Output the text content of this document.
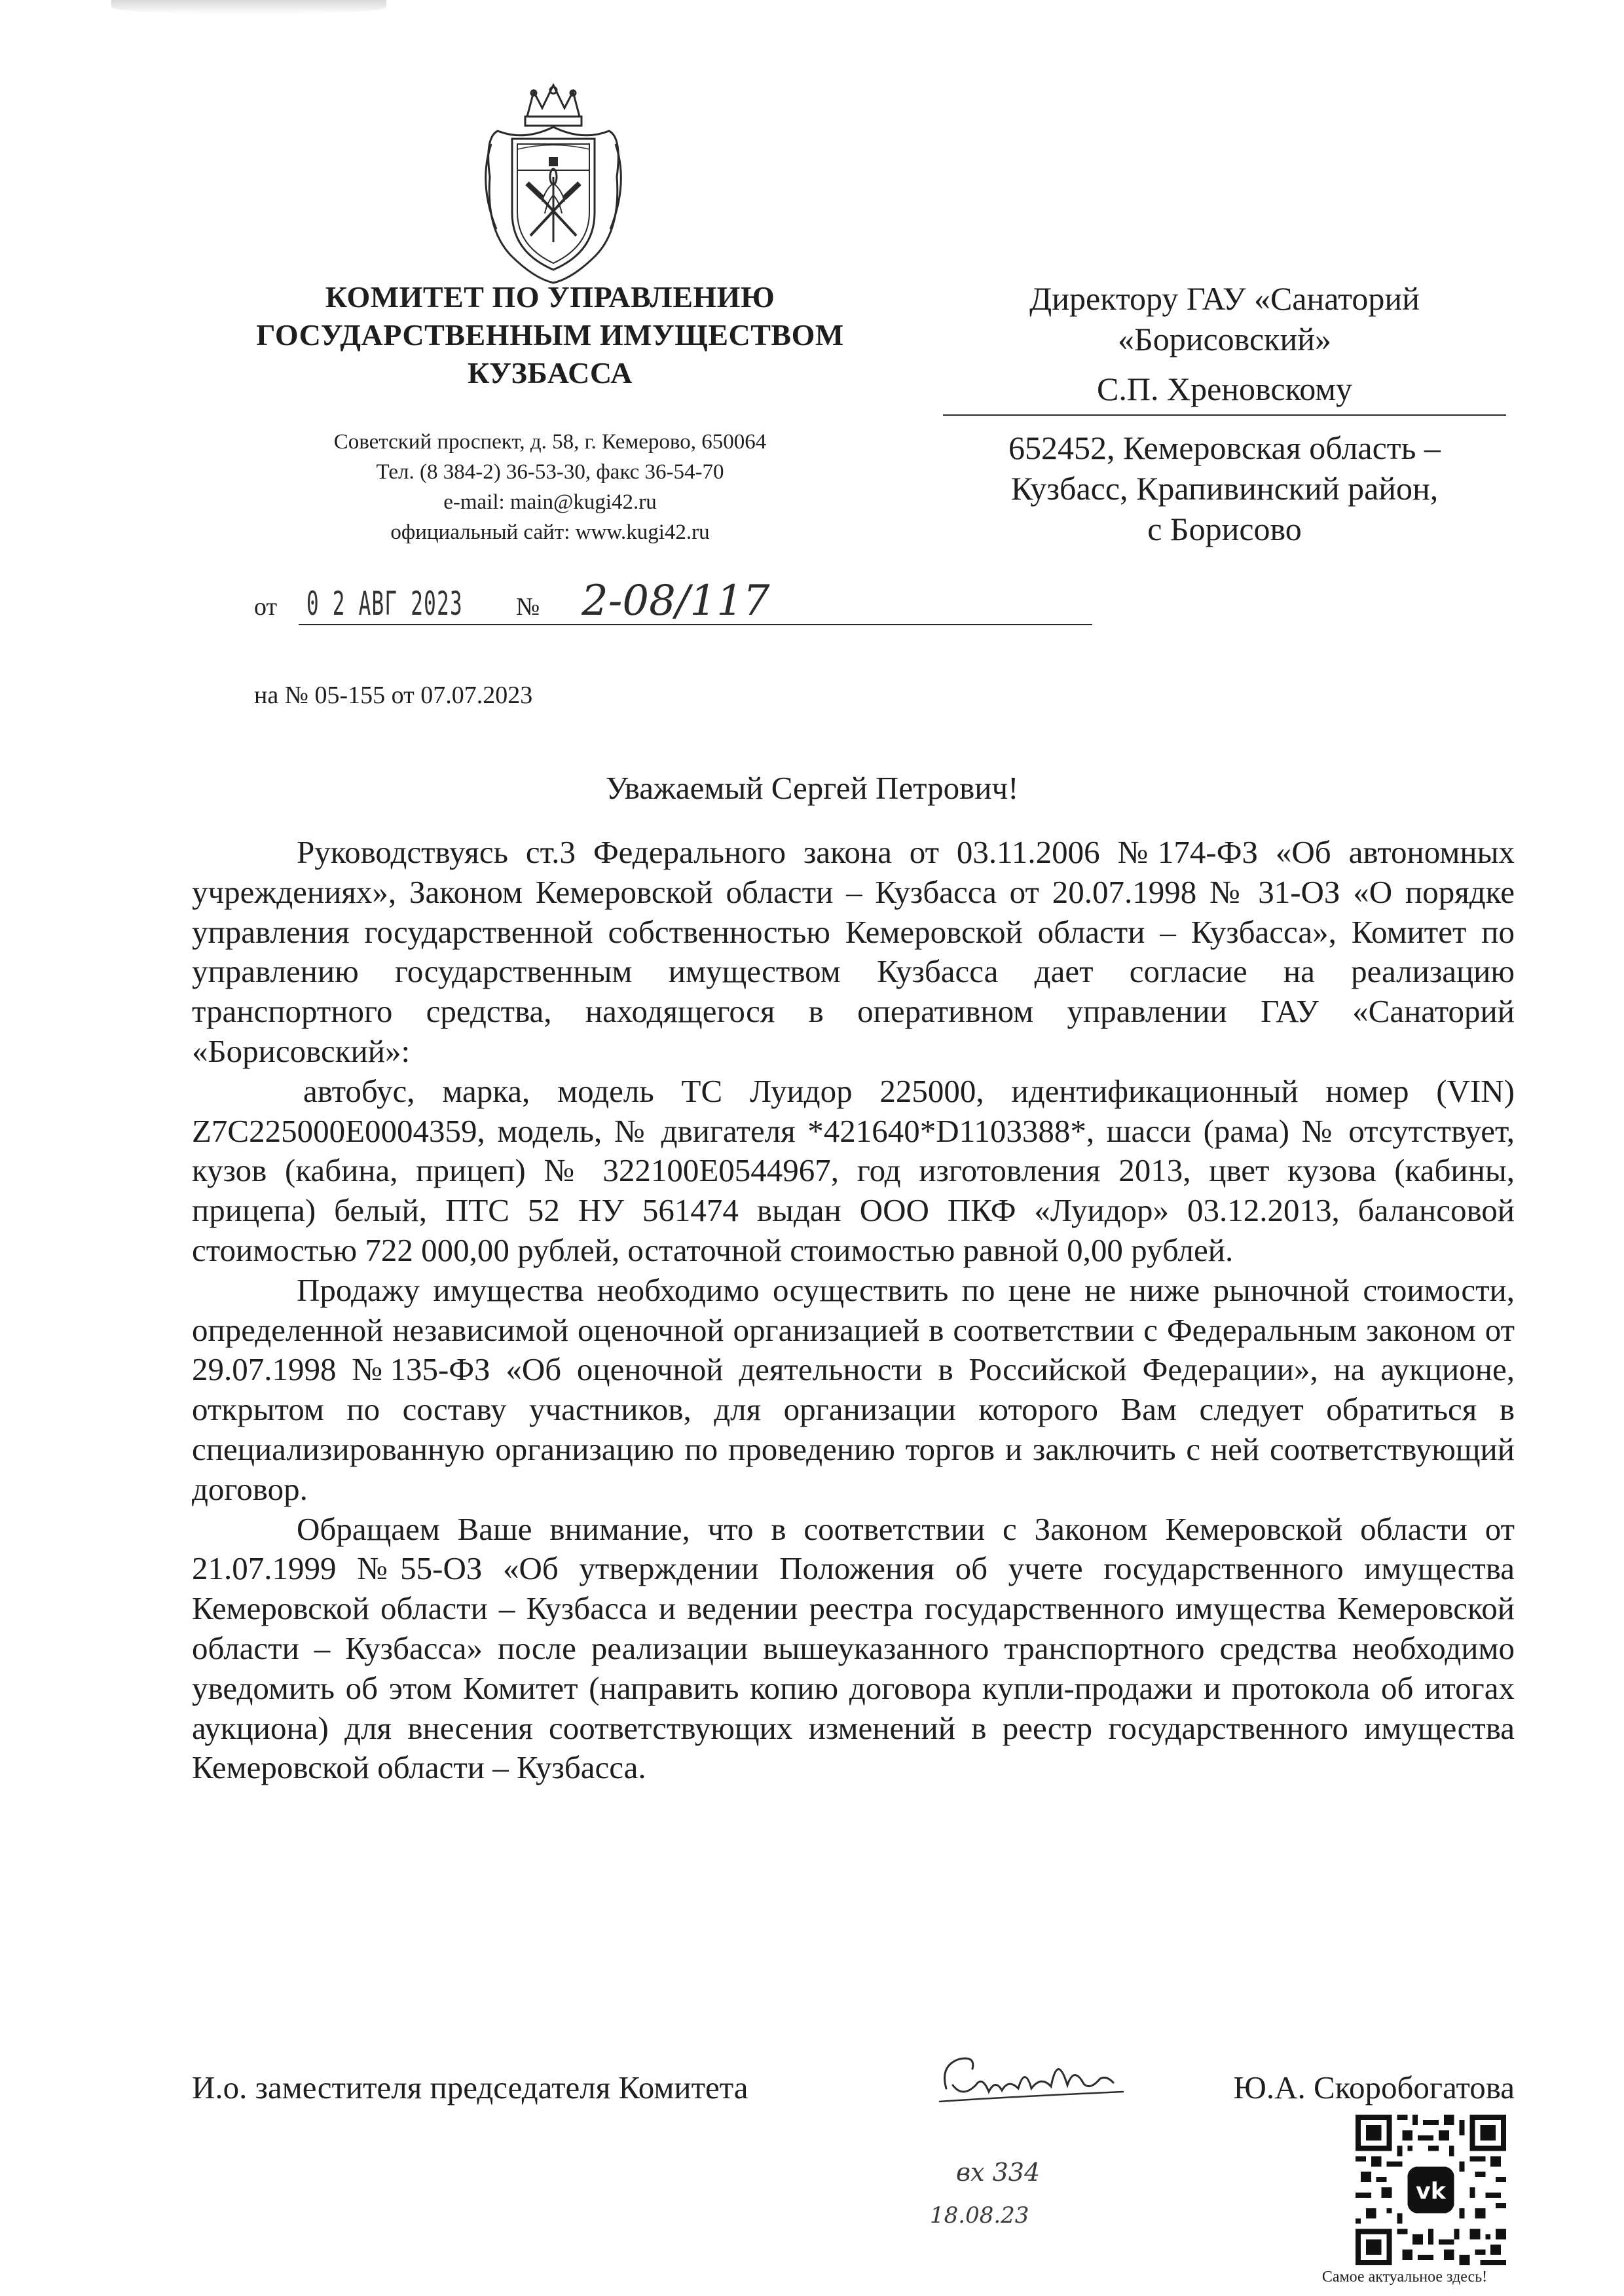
КОМИТЕТ ПО УПРАВЛЕНИЮ
ГОСУДАРСТВЕННЫМ ИМУЩЕСТВОМ
КУЗБАССА
Советский проспект, д. 58, г. Кемерово, 650064
Тел. (8 384-2) 36-53-30, факс 36-54-70
e-mail: main@kugi42.ru
официальный сайт: www.kugi42.ru
от 0 2 АВГ 2023 № 2-08/117
на № 05-155 от 07.07.2023
Директору ГАУ «Санаторий
«Борисовский»
С.П. Хреновскому
652452, Кемеровская область –
Кузбасс, Крапивинский район,
с Борисово
Уважаемый Сергей Петрович!

Руководствуясь ст.3 Федерального закона от 03.11.2006 №174-ФЗ «Об автономных учреждениях», Законом Кемеровской области – Кузбасса от 20.07.1998 № 31-ОЗ «О порядке управления государственной собственностью Кемеровской области – Кузбасса», Комитет по управлению государственным имуществом Кузбасса дает согласие на реализацию транспортного средства, находящегося в оперативном управлении ГАУ «Санаторий «Борисовский»:

автобус, марка, модель ТС Луидор 225000, идентификационный номер (VIN) Z7C225000E0004359, модель, № двигателя *421640*D1103388*, шасси (рама) № отсутствует, кузов (кабина, прицеп) № 322100E0544967, год изготовления 2013, цвет кузова (кабины, прицепа) белый, ПТС 52 НУ 561474 выдан ООО ПКФ «Луидор» 03.12.2013, балансовой стоимостью 722 000,00 рублей, остаточной стоимостью равной 0,00 рублей.

Продажу имущества необходимо осуществить по цене не ниже рыночной стоимости, определенной независимой оценочной организацией в соответствии с Федеральным законом от 29.07.1998 №135-ФЗ «Об оценочной деятельности в Российской Федерации», на аукционе, открытом по составу участников, для организации которого Вам следует обратиться в специализированную организацию по проведению торгов и заключить с ней соответствующий договор.

Обращаем Ваше внимание, что в соответствии с Законом Кемеровской области от 21.07.1999 №55-ОЗ «Об утверждении Положения об учете государственного имущества Кемеровской области – Кузбасса и ведении реестра государственного имущества Кемеровской области – Кузбасса» после реализации вышеуказанного транспортного средства необходимо уведомить об этом Комитет (направить копию договора купли-продажи и протокола об итогах аукциона) для внесения соответствующих изменений в реестр государственного имущества Кемеровской области – Кузбасса.

И.о. заместителя председателя Комитета	Ю.А. Скоробогатова
вх 334
18.08.23
vk
Самое актуальное здесь!
